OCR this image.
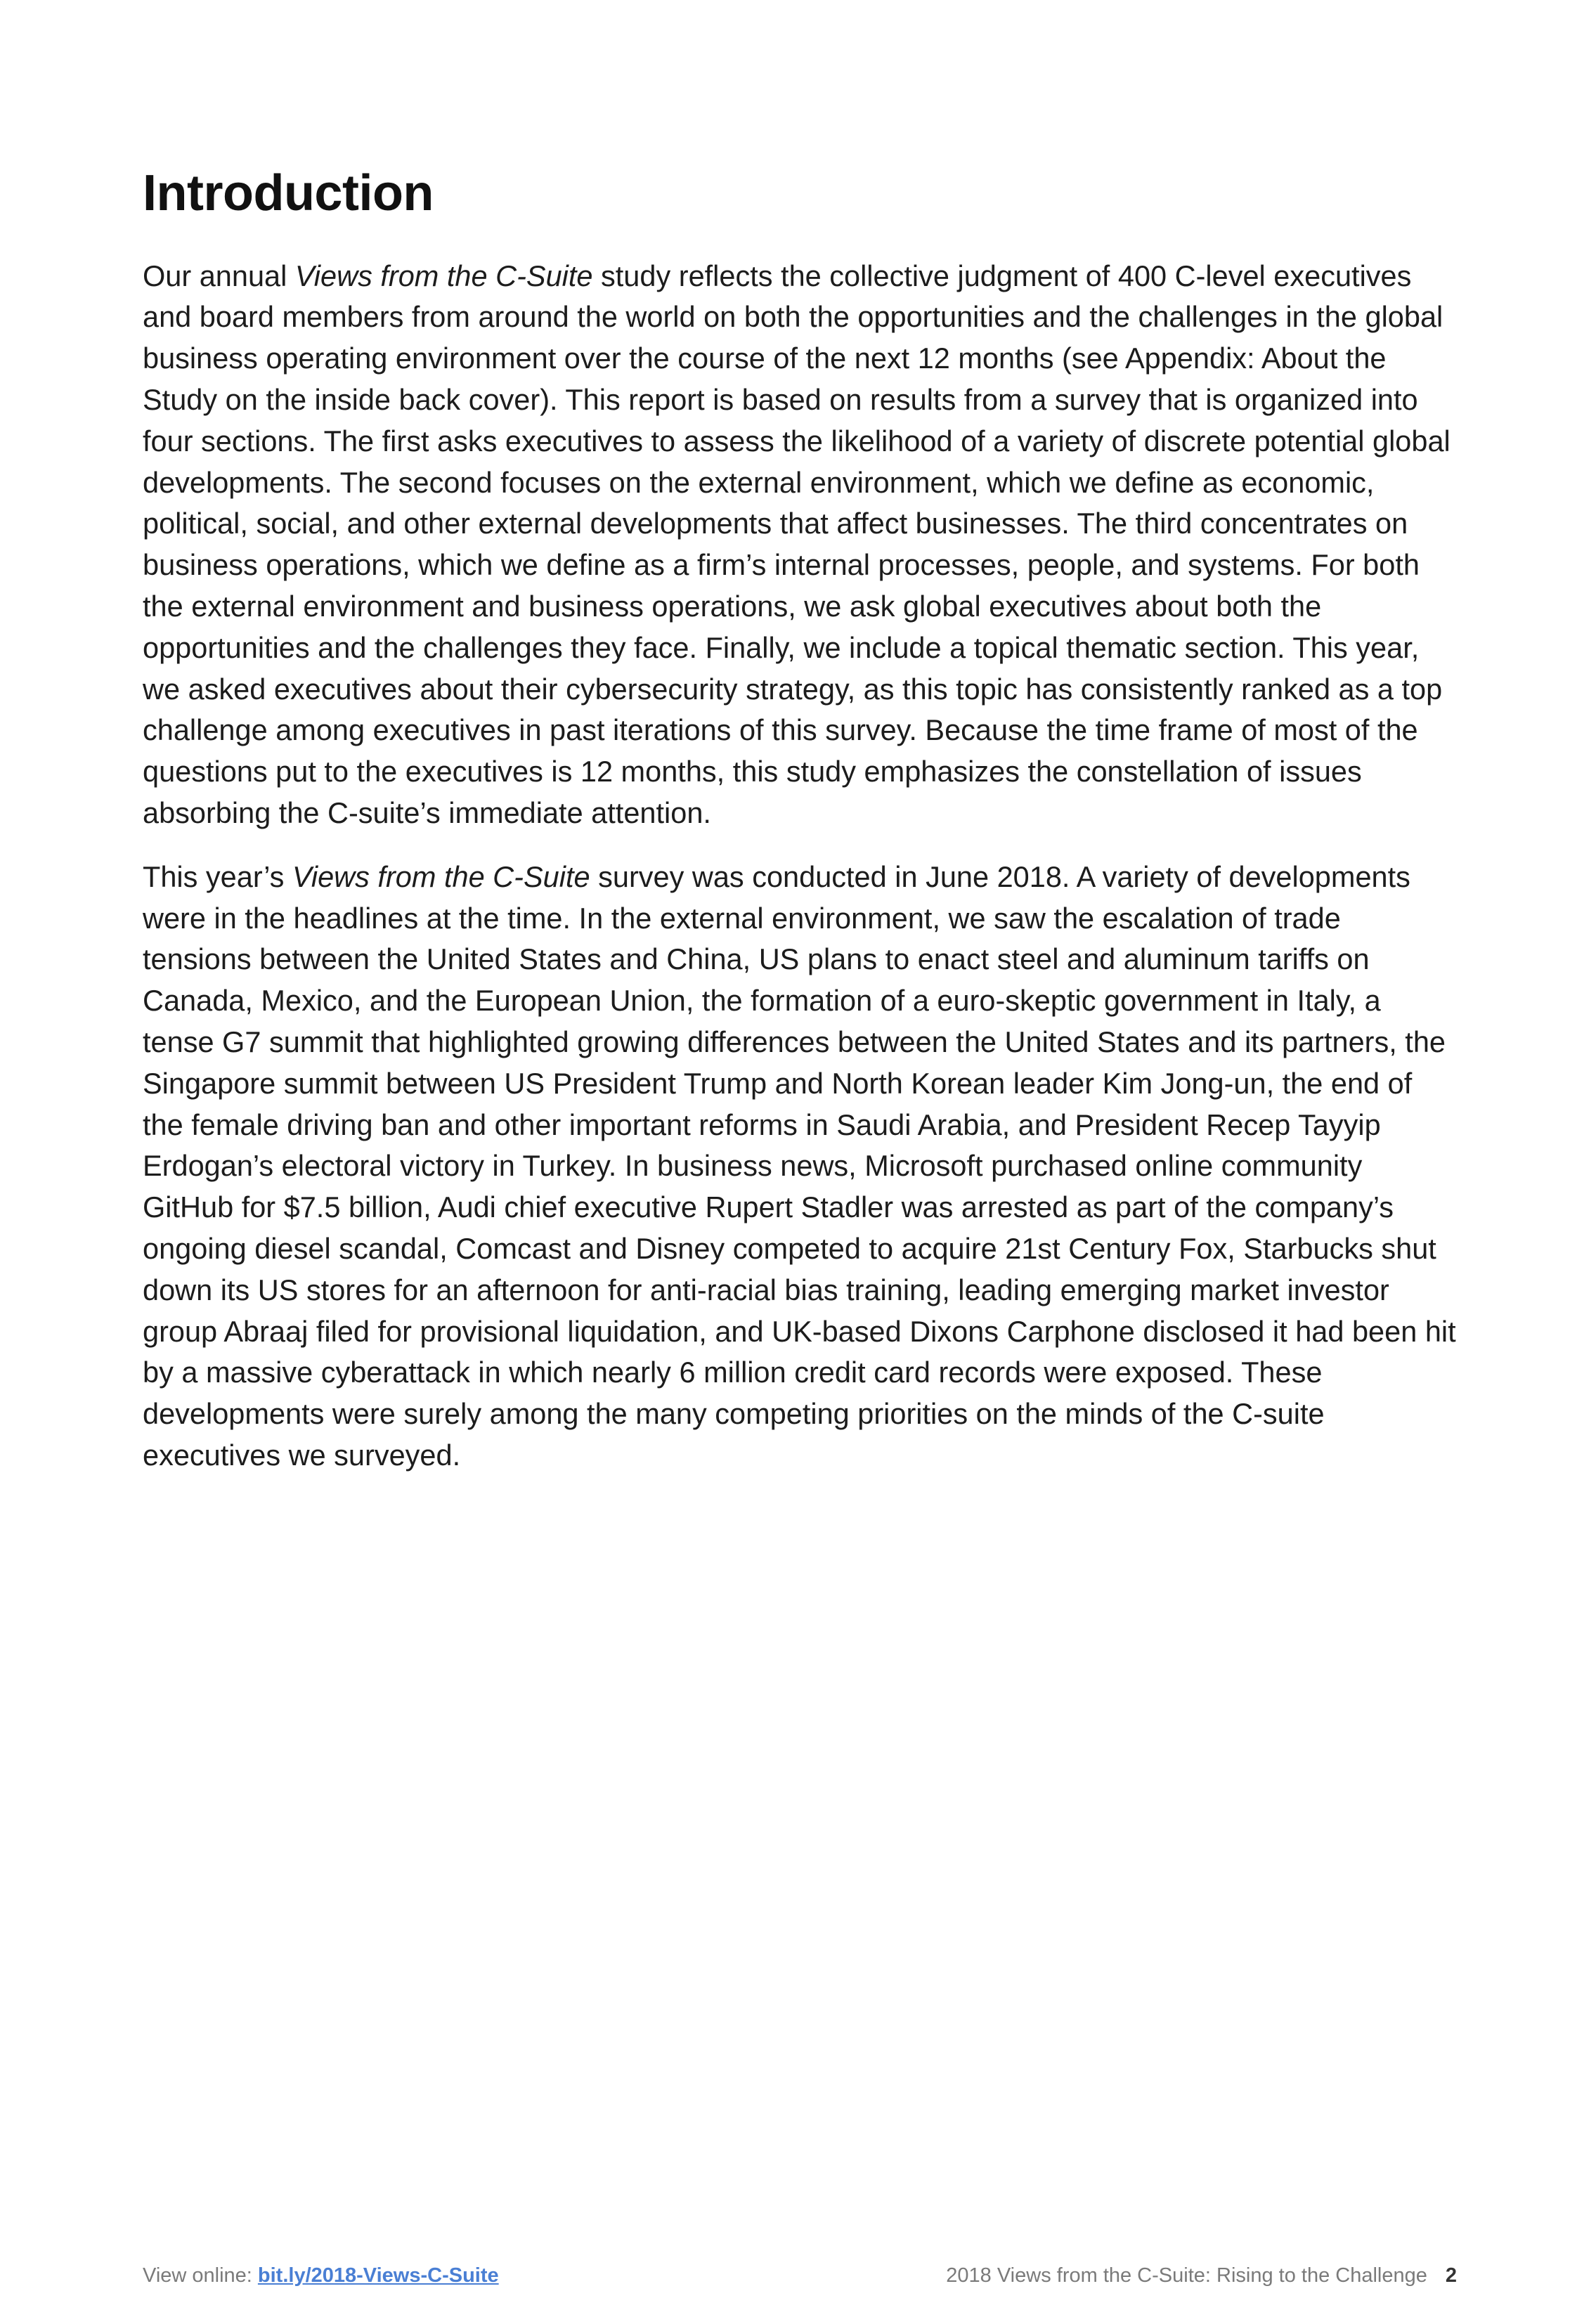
Introduction

Our annual Views from the C-Suite study reflects the collective judgment of 400 C-level executives and board members from around the world on both the opportunities and the challenges in the global business operating environment over the course of the next 12 months (see Appendix: About the Study on the inside back cover). This report is based on results from a survey that is organized into four sections. The first asks executives to assess the likelihood of a variety of discrete potential global developments. The second focuses on the external environment, which we define as economic, political, social, and other external developments that affect businesses. The third concentrates on business operations, which we define as a firm’s internal processes, people, and systems. For both the external environment and business operations, we ask global executives about both the opportunities and the challenges they face. Finally, we include a topical thematic section. This year, we asked executives about their cybersecurity strategy, as this topic has consistently ranked as a top challenge among executives in past iterations of this survey. Because the time frame of most of the questions put to the executives is 12 months, this study emphasizes the constellation of issues absorbing the C-suite’s immediate attention.

This year’s Views from the C-Suite survey was conducted in June 2018. A variety of developments were in the headlines at the time. In the external environment, we saw the escalation of trade tensions between the United States and China, US plans to enact steel and aluminum tariffs on Canada, Mexico, and the European Union, the formation of a euro-skeptic government in Italy, a tense G7 summit that highlighted growing differences between the United States and its partners, the Singapore summit between US President Trump and North Korean leader Kim Jong-un, the end of the female driving ban and other important reforms in Saudi Arabia, and President Recep Tayyip Erdogan’s electoral victory in Turkey. In business news, Microsoft purchased online community GitHub for $7.5 billion, Audi chief executive Rupert Stadler was arrested as part of the company’s ongoing diesel scandal, Comcast and Disney competed to acquire 21st Century Fox, Starbucks shut down its US stores for an afternoon for anti-racial bias training, leading emerging market investor group Abraaj filed for provisional liquidation, and UK-based Dixons Carphone disclosed it had been hit by a massive cyberattack in which nearly 6 million credit card records were exposed. These developments were surely among the many competing priorities on the minds of the C-suite executives we surveyed.

View online: bit.ly/2018-Views-C-Suite	2018 Views from the C-Suite: Rising to the Challenge 2
